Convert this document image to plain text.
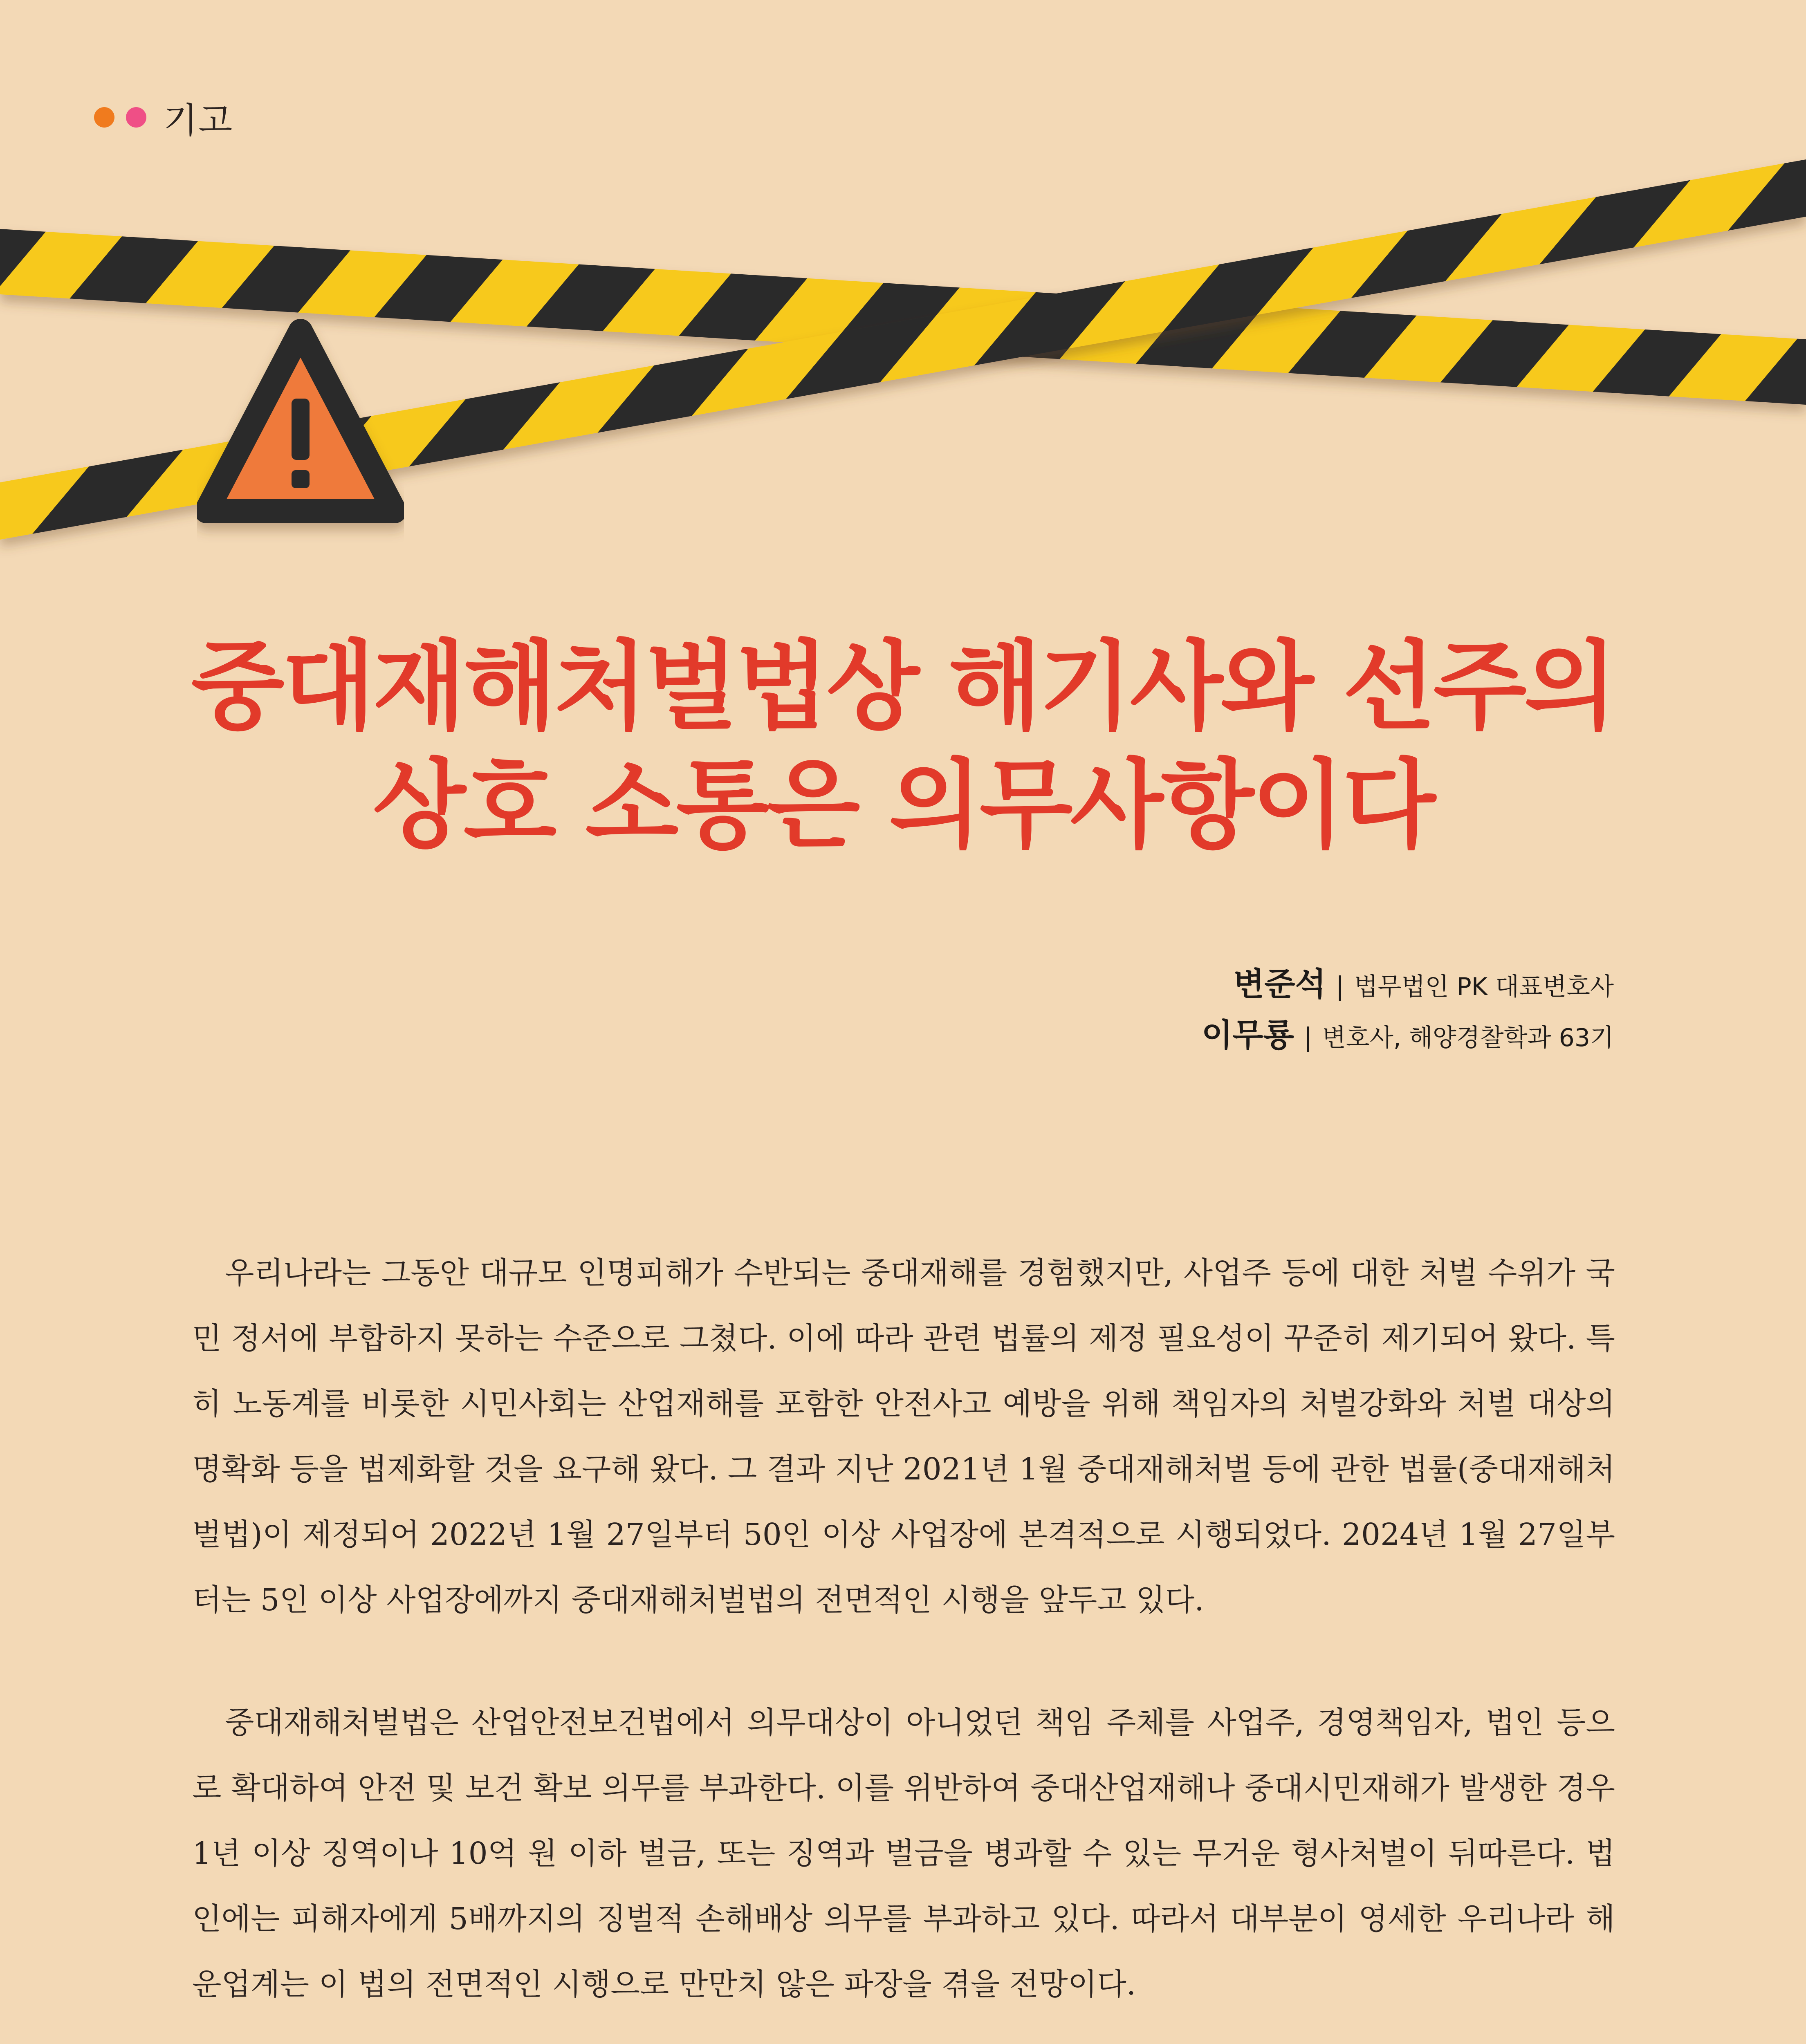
기고
중대재해처벌법상 해기사와 선주의
상호 소통은 의무사항이다
변준석 | 법무법인 PK 대표변호사
이무룡 | 변호사, 해양경찰학과 63기

우리나라는 그동안 대규모 인명피해가 수반되는 중대재해를 경험했지만, 사업주 등에 대한 처벌 수위가 국민 정서에 부합하지 못하는 수준으로 그쳤다. 이에 따라 관련 법률의 제정 필요성이 꾸준히 제기되어 왔다. 특히 노동계를 비롯한 시민사회는 산업재해를 포함한 안전사고 예방을 위해 책임자의 처벌강화와 처벌 대상의 명확화 등을 법제화할 것을 요구해 왔다. 그 결과 지난 2021년 1월 중대재해처벌 등에 관한 법률(중대재해처벌법)이 제정되어 2022년 1월 27일부터 50인 이상 사업장에 본격적으로 시행되었다. 2024년 1월 27일부터는 5인 이상 사업장에까지 중대재해처벌법의 전면적인 시행을 앞두고 있다.

중대재해처벌법은 산업안전보건법에서 의무대상이 아니었던 책임 주체를 사업주, 경영책임자, 법인 등으로 확대하여 안전 및 보건 확보 의무를 부과한다. 이를 위반하여 중대산업재해나 중대시민재해가 발생한 경우 1년 이상 징역이나 10억 원 이하 벌금, 또는 징역과 벌금을 병과할 수 있는 무거운 형사처벌이 뒤따른다. 법인에는 피해자에게 5배까지의 징벌적 손해배상 의무를 부과하고 있다. 따라서 대부분이 영세한 우리나라 해운업계는 이 법의 전면적인 시행으로 만만치 않은 파장을 겪을 전망이다.
